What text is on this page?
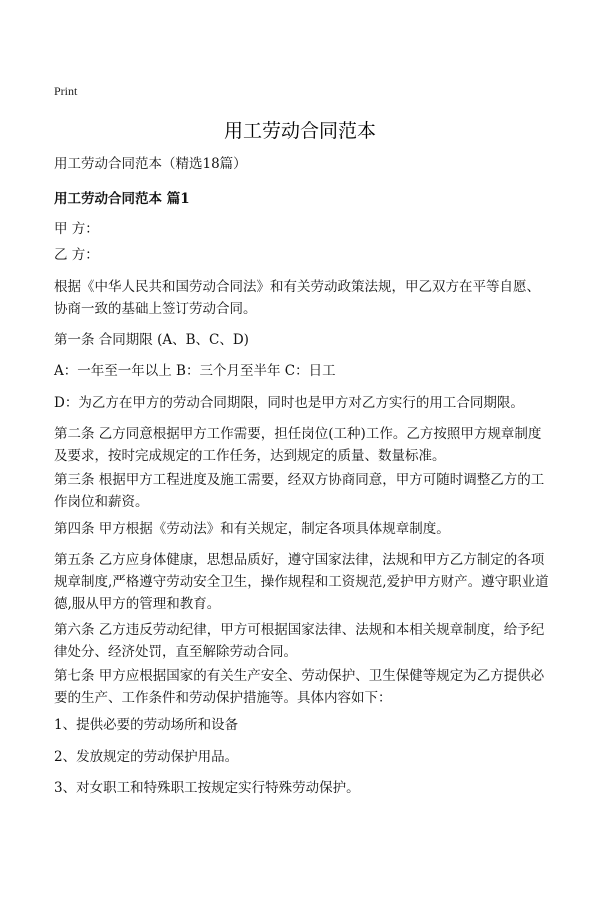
Print
用工劳动合同范本
用工劳动合同范本（精选18篇）
用工劳动合同范本 篇1

甲 方：

乙 方：

根据《中华人民共和国劳动合同法》和有关劳动政策法规，甲乙双方在平等自愿、协商一致的基础上签订劳动合同。

第一条 合同期限 (A、B、C、D)

A：一年至一年以上 B：三个月至半年 C：日工

D：为乙方在甲方的劳动合同期限，同时也是甲方对乙方实行的用工合同期限。

第二条 乙方同意根据甲方工作需要，担任岗位(工种)工作。乙方按照甲方规章制度及要求，按时完成规定的工作任务，达到规定的质量、数量标准。

第三条 根据甲方工程进度及施工需要，经双方协商同意，甲方可随时调整乙方的工作岗位和薪资。

第四条 甲方根据《劳动法》和有关规定，制定各项具体规章制度。

第五条 乙方应身体健康，思想品质好，遵守国家法律，法规和甲方乙方制定的各项规章制度,严格遵守劳动安全卫生，操作规程和工资规范,爱护甲方财产。遵守职业道德,服从甲方的管理和教育。

第六条 乙方违反劳动纪律，甲方可根据国家法律、法规和本相关规章制度，给予纪律处分、经济处罚，直至解除劳动合同。

第七条 甲方应根据国家的有关生产安全、劳动保护、卫生保健等规定为乙方提供必要的生产、工作条件和劳动保护措施等。具体内容如下：

1、提供必要的劳动场所和设备

2、发放规定的劳动保护用品。

3、对女职工和特殊职工按规定实行特殊劳动保护。
